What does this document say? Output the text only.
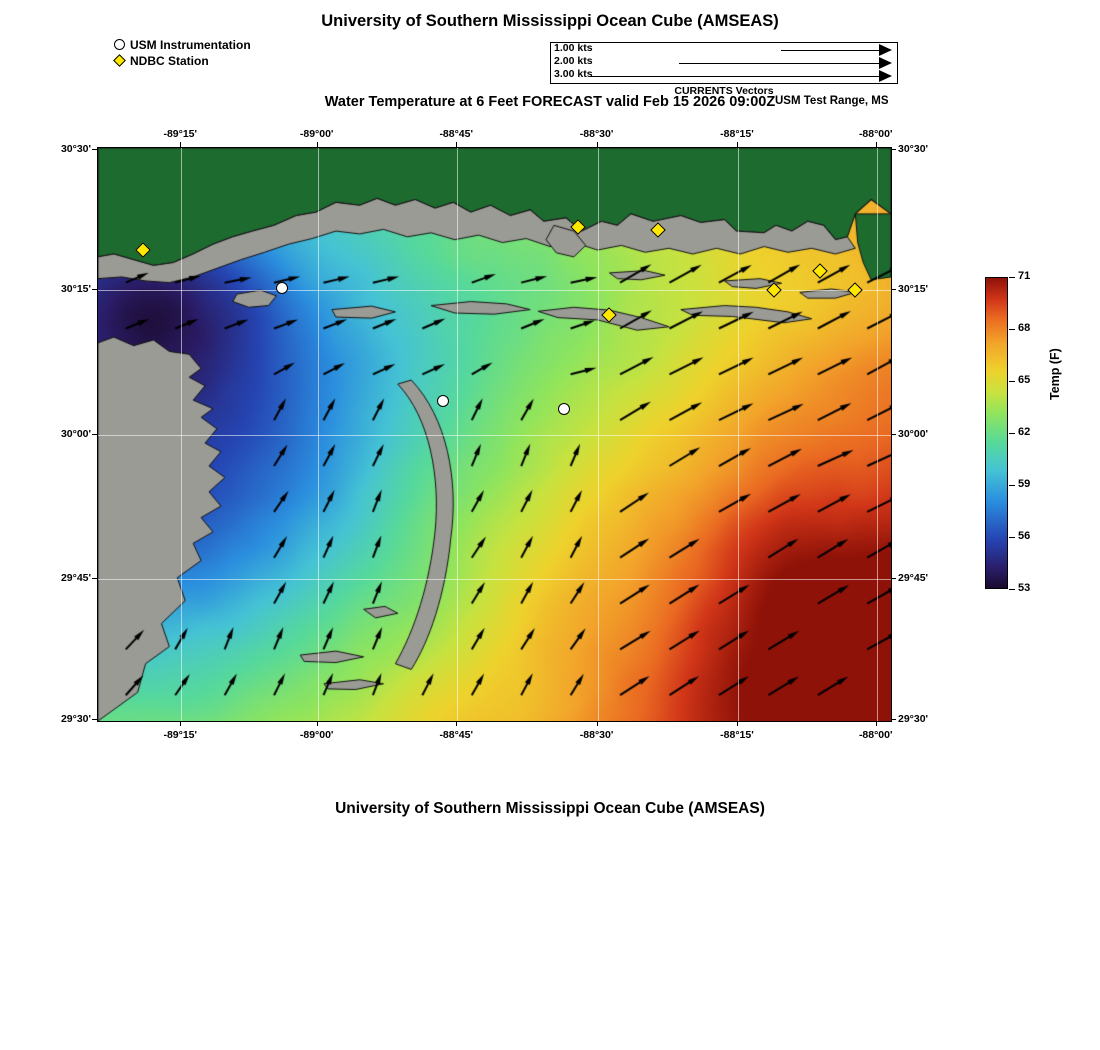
University of Southern Mississippi Ocean Cube (AMSEAS)
Water Temperature at 6 Feet FORECAST valid Feb 15 2026 09:00Z USM Test Range, MS
University of Southern Mississippi Ocean Cube (AMSEAS)
USM Instrumentation
NDBC Station
1.00 kts
2.00 kts
3.00 kts
CURRENTS Vectors
-89°15'
-89°15'
-89°00'
-89°00'
-88°45'
-88°45'
-88°30'
-88°30'
-88°15'
-88°15'
-88°00'
-88°00'
30°30'	30°30'
30°15'	30°15'
30°00'	30°00'
29°45'	29°45'
29°30'	29°30'
71
68
65
62
59
56
53
Temp (F)
